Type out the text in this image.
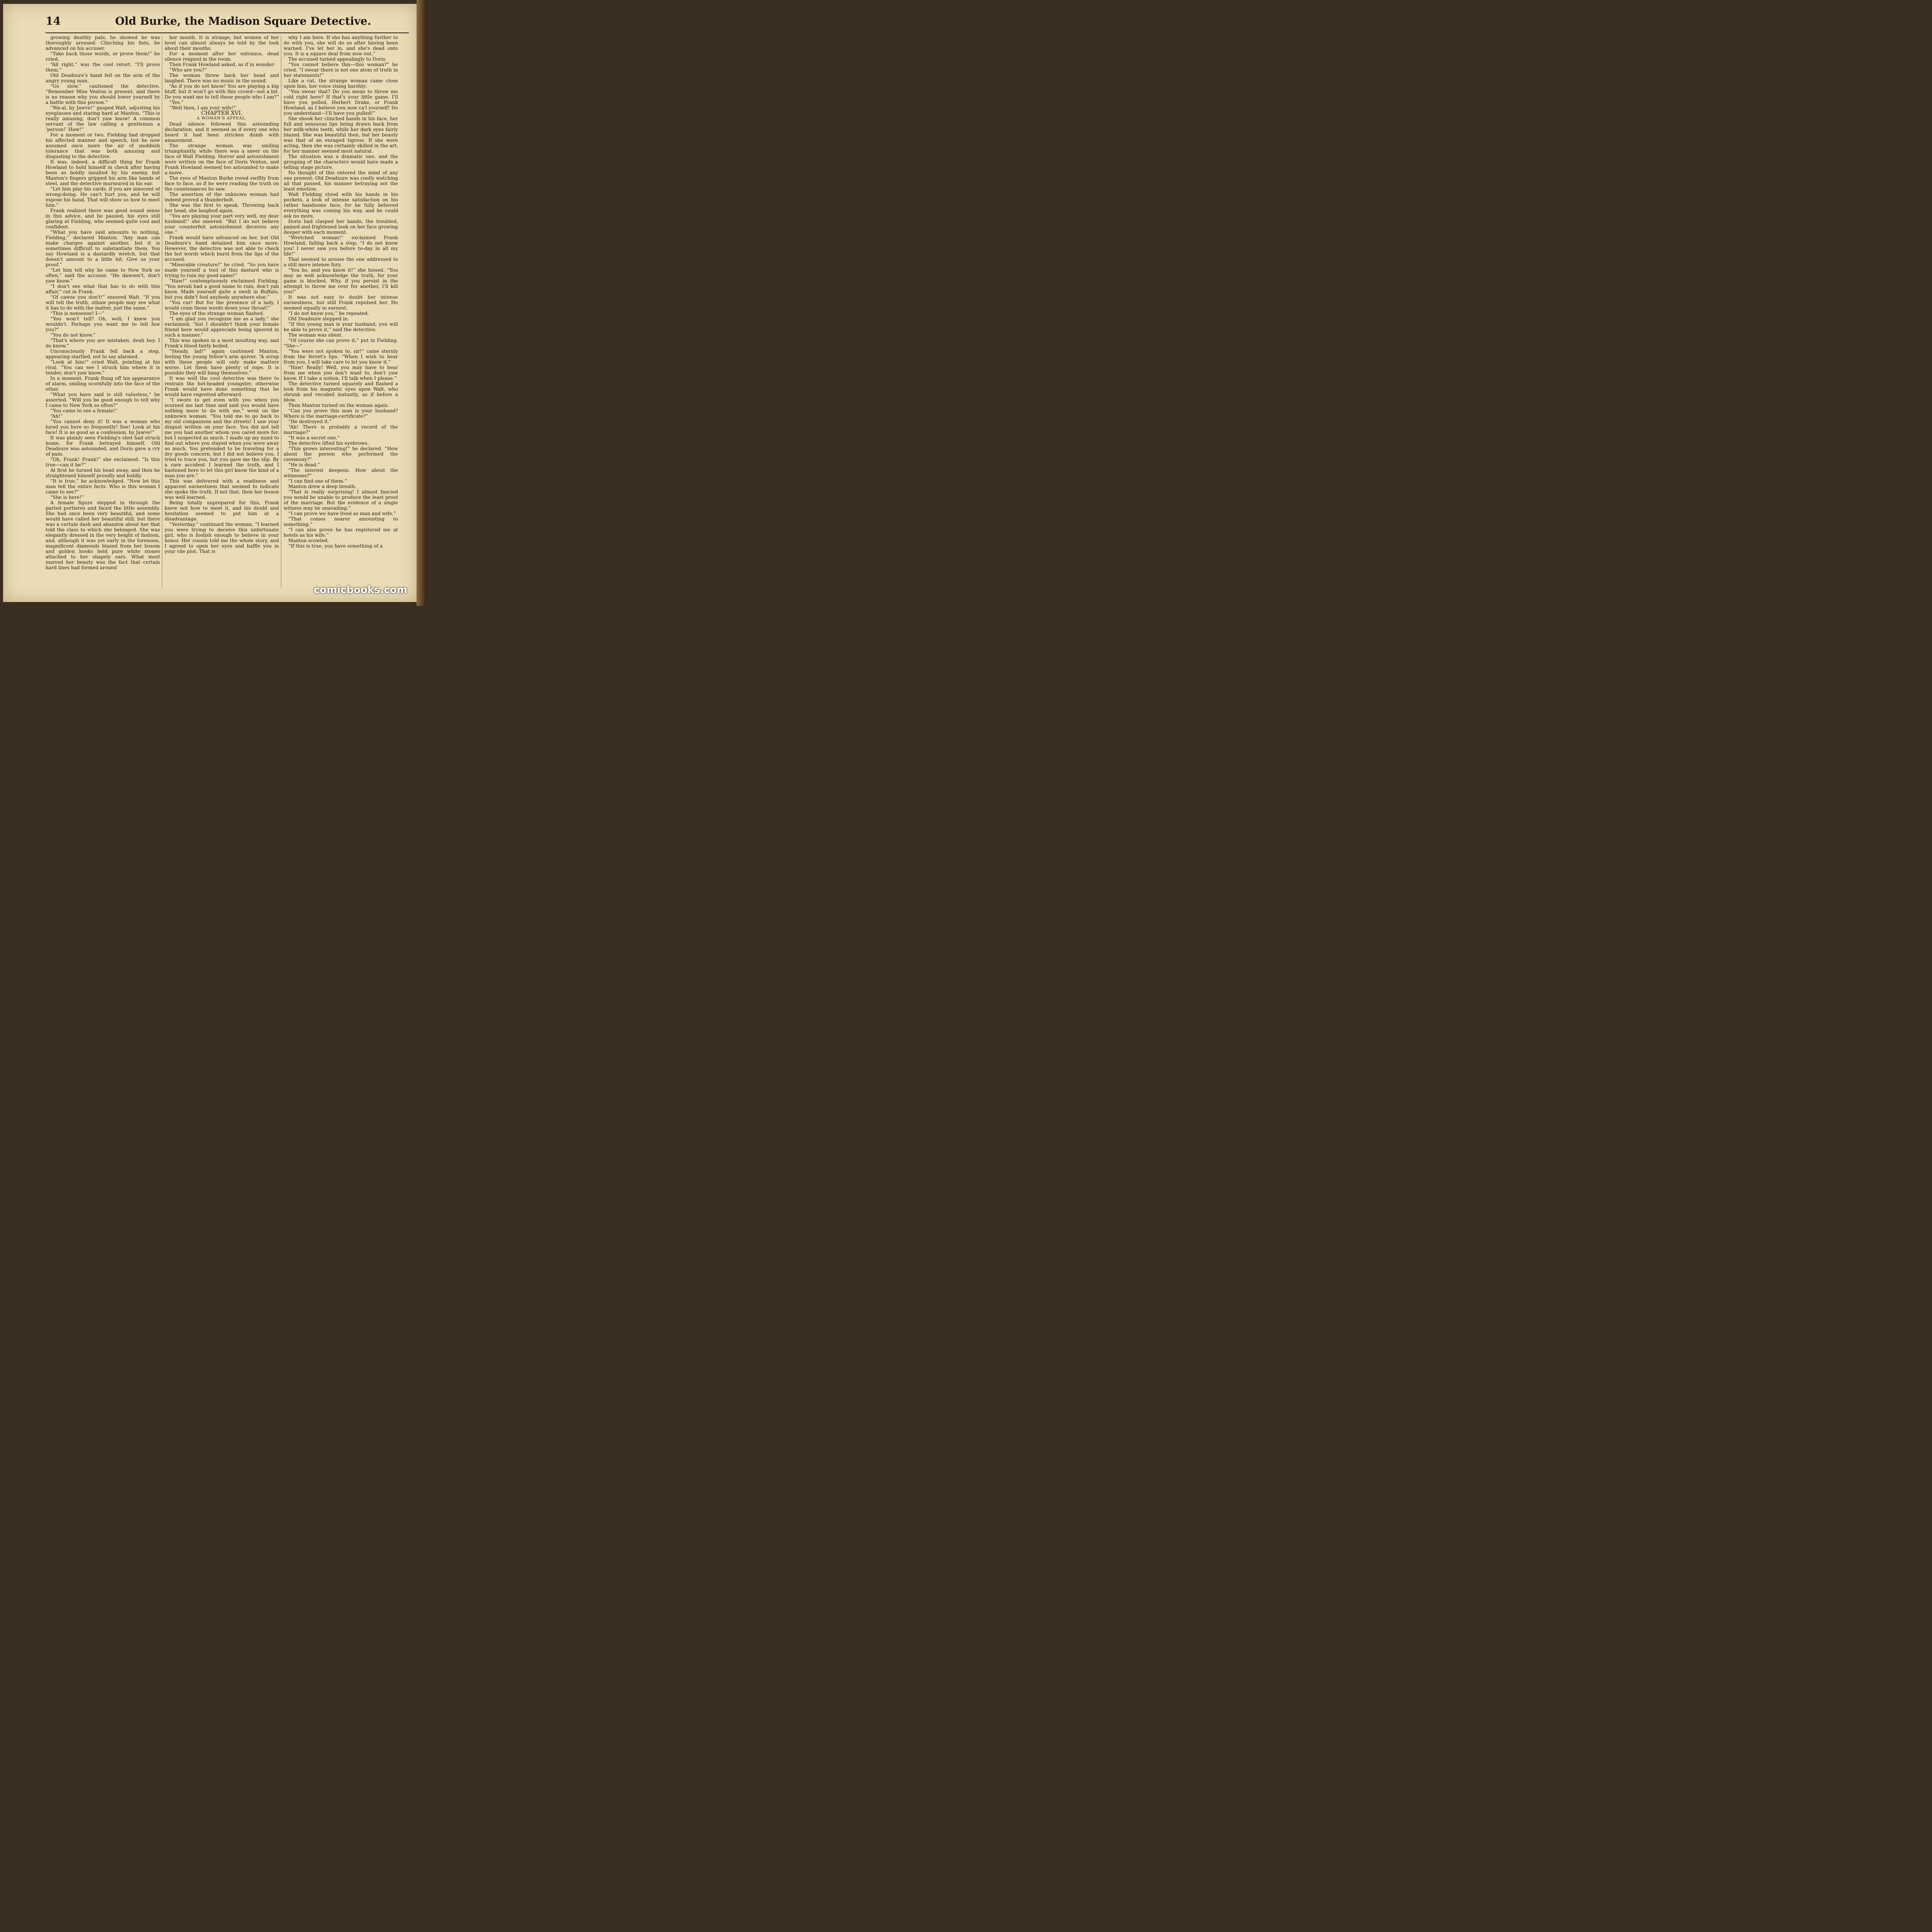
14	Old Burke, the Madison Square Detective.

growing deathly pale, he showed he was thoroughly aroused. Clinching his fists, he advanced on his accuser.

“Take back those words, or prove them!” he cried.

“All right,” was the cool retort. “I'll prove them.”

Old Deadsure's hand fell on the arm of the angry young man.

“Go slow,” cautioned the detective. “Remember Miss Venton is present, and there is no reason why you should lower yourself by a battle with this person.”

“Wa-al, by Jawve!” gasped Walt, adjusting his eyeglasses and staring hard at Manton. “This is really amusing, don't yaw know! A common servant of the law calling a gentleman a ‘person!’ Haw!”

For a moment or two, Fielding had dropped his affected manner and speech, but he now assumed once more the air of snobbish tolerance that was both amusing and disgusting to the detective.

It was, indeed, a difficult thing for Frank Howland to hold himself in check after having been so boldly insulted by his enemy, but Manton's fingers gripped his arm like bands of steel, and the detective murmured in his ear.

“Let him play his cards, if you are innocent of wrong-doing. He can't hurt you, and he will expose his hand. That will show us how to meet him.”

Frank realized there was good sound sense in this advice, and he paused, his eyes still glaring at Fielding, who seemed quite cool and confident.

“What you have said amounts to nothing, Fielding,” declared Manton. “Any man can make charges against another, but it is sometimes difficult to substantiate them. You say Howland is a dastardly wretch, but that doesn't amount to a little bit. Give us your proof.”

“Let him tell why he came to New York so often,” said the accuser. “He dawsen't, don't yaw know.”

“I don't see what that has to do with this affair,” cut in Frank.

“Of cawse you don't!” sneered Walt. “If you will tell the truth, othaw people may see what it has to do with the matter, just the same.”

“This is nonsense! I—”

“You won't tell? Oh, well, I knew you wouldn't. Perhaps you want me to tell faw you?”

“You do not know.”

“That's where you are mistaken, deah boy. I do know.”

Unconsciously Frank fell back a step, appearing startled, not to say alarmed.

“Look at him!” cried Walt, pointing at his rival. “You can see I struck him where it is tender, don't yaw know.”

In a moment, Frank flung off his appearance of alarm, smiling scornfully into the face of the other.

“What you have said is still valueless,” he asserted. “Will you be good enough to tell why I came to New York so often?”

“You came to see a female!”

“Ah!”

“You cannot deny it! It was a woman who lured you here so frequently! See! Look at his face! It is as good as a confession, by Jawve!”

It was plainly seen Fielding's shot had struck home, for Frank betrayed himself. Old Deadsure was astounded, and Doris gave a cry of pain.

“Oh, Frank! Frank!” she exclaimed. “Is this true—can it be?”

At first he turned his head away, and then he straightened himself proudly and boldly.

“It is true,” he acknowledged. “Now let this man tell the entire facts. Who is this woman I came to see?”

“She is here!”

A female figure stepped in through the parted portieres and faced the little assembly. She had once been very beautiful, and some would have called her beautiful still; but there was a certain dash and abandon about her that told the class to which she belonged. She was elegantly dressed in the very height of fashion, and, although it was yet early in the forenoon, magnificent diamonds blazed from her bosom and golden hooks held pure white stones attached to her shapely ears. What most marred her beauty was the fact that certain hard lines had formed around

her mouth. It is strange, but women of her level can almost always be told by the look about their mouths.

For a moment after her entrance, dead silence reigned in the room.

Then Frank Howland asked, as if in wonder:

“Who are you?”

The woman threw back her head and laughed. There was no music in the sound.

“As if you do not know! You are playing a big bluff, but it won't go with this crowd—not a bit. Do you want me to tell these people who I am?”

“Yes.”

“Well then, I am your wife!”

CHAPTER XVI.

A WOMAN'S APPEAL.

Dead silence followed this astounding declaration, and it seemed as if every one who heard it had been stricken dumb with amazement.

The strange woman was smiling triumphantly, while there was a sneer on the face of Walt Fielding. Horror and astonishment were written on the face of Doris Venton, and Frank Howland seemed too astounded to make a move.

The eyes of Manton Burke roved swiftly from face to face, as if he were reading the truth on the countenances he saw.

The assertion of the unknown woman had indeed proved a thunderbolt.

She was the first to speak. Throwing back her head, she laughed again.

“You are playing your part very well, my dear husband!” she sneered. “But I do not believe your counterfeit astonishment deceives any one.”

Frank would have advanced on her, but Old Deadsure's hand detained him once more. However, the detective was not able to check the hot words which burst from the lips of the accused.

“Miserable creature!” he cried. “So you have made yourself a tool of this dastard who is trying to ruin my good name!”

“Haw!” contemptuously exclaimed Fielding. “You nevah had a good name to ruin, don't yah know. Made yourself quite a swell in Buffalo, but you didn't fool anybody anywhere else.”

“You cur! But for the presence of a lady, I would cram those words down your throat!”

The eyes of the strange woman flashed.

“I am glad you recognize me as a lady,” she exclaimed; “but I shouldn't think your female friend here would appreciate being ignored in such a manner.”

This was spoken in a most insulting way, and Frank's blood fairly boiled.

“Steady, lad!” again cautioned Manton, feeling the young fellow's arm quiver. “A scrap with these people will only make matters worse. Let them have plenty of rope. It is possible they will hang themselves.”

It was well the cool detective was there to restrain the hot-headed youngster, otherwise Frank would have done something that he would have regretted afterward.

“I swore to get even with you when you scorned me last time and said you would have nothing more to do with me,” went on the unknown woman. “You told me to go back to my old companions and the streets! I saw your disgust written on your face. You did not tell me you had another whom you cared more for, but I suspected as much. I made up my mind to find out where you stayed when you were away so much. You pretended to be traveling for a dry goods concern, but I did not believe you. I tried to trace you, but you gave me the slip. By a rare accident I learned the truth, and I hastened here to let this girl know the kind of a man you are.”

This was delivered with a readiness and apparent earnestness that seemed to indicate she spoke the truth. If not that, then her lesson was well learned.

Being totally unprepared for this, Frank knew not how to meet it, and his doubt and hesitation seemed to put him at a disadvantage.

“Yesterday,” continued the woman, “I learned you were trying to deceive this unfortunate girl, who is foolish enough to believe in your honor. Her cousin told me the whole story, and I agreed to open her eyes and baffle you in your vile plot. That is

why I am here. If she has anything further to do with you, she will do so after having been warned. I've let her in, and she's dead onto you. It is a square deal from now out.”

The accused turned appealingly to Doris.

“You cannot believe this—this woman?” he cried. “I swear there is not one atom of truth in her statements!”

Like a cat, the strange woman came close upon him, her voice rising harshly:

“You swear that? Do you mean to throw me cold right here? If that's your little game, I'll have you pulled, Herbert Drake, or Frank Howland, as I believe you now ca'l yourself! Do you understand—I'll have you pulled!”

She shook her clinched hands in his face, her full and sensuous lips being drawn back from her milk-white teeth, while her dark eyes fairly blazed. She was beautiful then, but her beauty was that of an enraged tigress. If she were acting, then she was certainly skilled in the art, for her manner seemed most natural.

The situation was a dramatic one, and the grouping of the characters would have made a telling stage picture.

No thought of this entered the mind of any one present. Old Deadsure was coolly watching all that passed, his manner betraying not the least emotion.

Walt Fielding stood with his hands in his pockets, a look of intense satisfaction on his rather handsome face, for he fully believed everything was coming his way, and he could ask no more.

Doris had clasped her hands, the troubled, pained and frightened look on her face growing deeper with each moment.

“Wretched woman!” exclaimed Frank Howland, falling back a step; “I do not know you! I never saw you before to-day in all my life!”

That seemed to arouse the one addressed to a still more intense fury.

“You lie, and you know it!” she hissed. “You may as well acknowledge the truth, for your game is blocked. Why, if you persist in the attempt to throw me over for another, I'll kill you!”

It was not easy to doubt her intense earnestness, but still Frank repulsed her. He seemed equally in earnest.

“I do not know you,” he repeated.

Old Deadsure stepped in.

“If this young man is your husband, you will be able to prove it,” said the detective.

The woman was silent.

“Of course she can prove it,” put in Fielding. “She—”

“You were not spoken to, sir!” came sternly from the ferret's lips. “When I wish to hear from you, I will take care to let you know it.”

“Haw! Really! Well, you may have to hear from me when you don't want to, don't yaw know. If I take a notion, I'll talk when I please.”

The detective turned squarely and flashed a look from his magnetic eyes upon Walt, who shrunk and recoiled instantly, as if before a blow.

Then Manton turned on the woman again.

“Can you prove this man is your husband? Where is the marriage-certificate?”

“He destroyed it.”

“Ah! There is probably a record of the marriage?”

“It was a secret one.”

The detective lifted his eyebrows.

“This grows interesting!” he declared. “How about the person who performed the ceremony?”

“He is dead.”

“The interest deepens. How about the witnesses?”

“I can find one of them.”

Manton drew a deep breath.

“That is really surprising! I almost fancied you would be unable to produce the least proof of the marriage. But the evidence of a single witness may be unavailing.”

“I can prove we have lived as man and wife.”

“That comes nearer amounting to something.”

“I can also prove he has registered me at hotels as his wife.”

Manton scowled.

“If this is true, you have something of a

comicbooks.com
